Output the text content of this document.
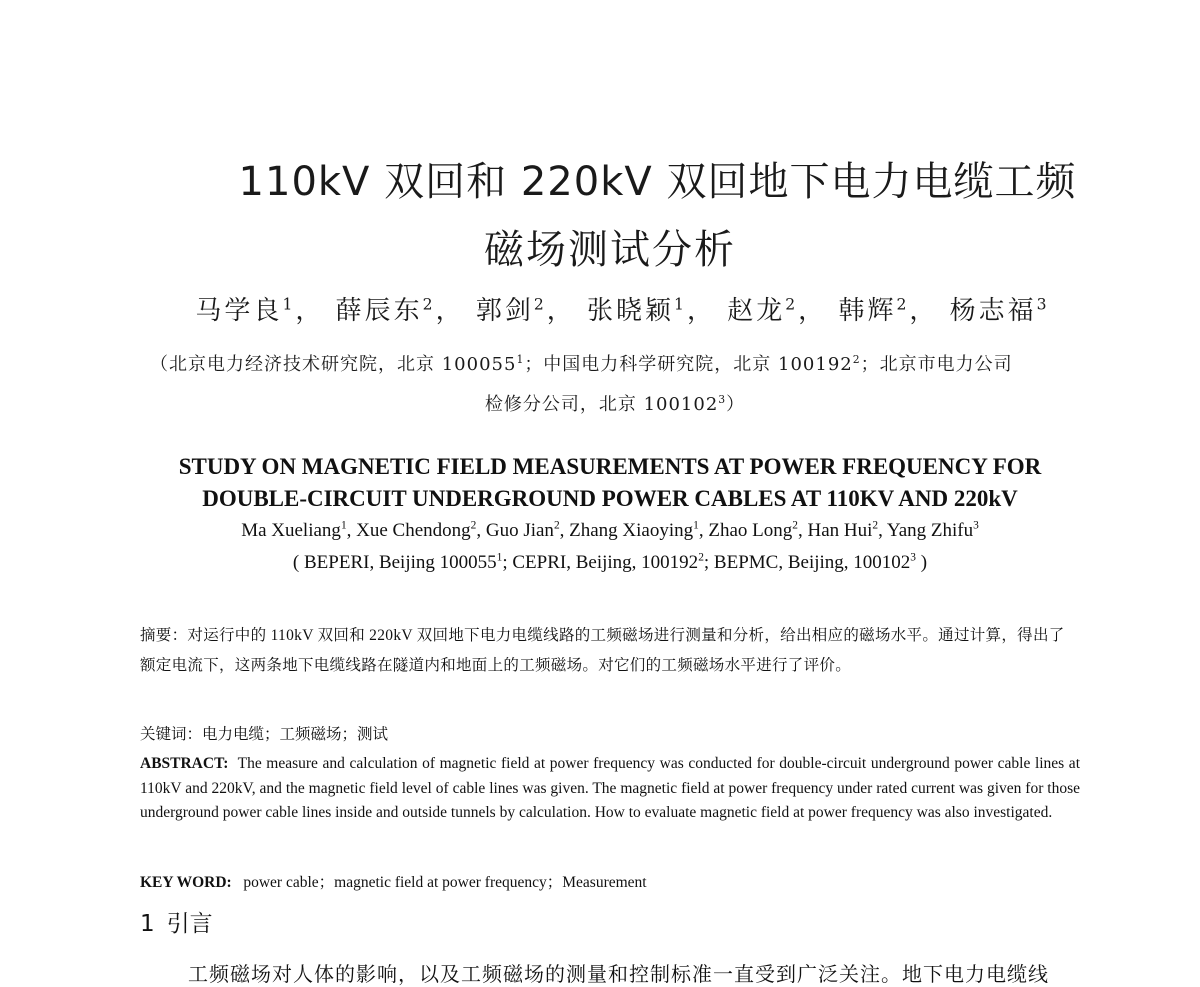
110kV 双回和 220kV 双回地下电力电缆工频
磁场测试分析
马学良$^1$， 薛辰东$^2$， 郭剑$^2$， 张晓颖$^1$， 赵龙$^2$， 韩辉$^2$， 杨志福$^3$
（北京电力经济技术研究院，北京 100055$^1$；中国电力科学研究院，北京 100192$^2$；北京市电力公司
检修分公司，北京 100102$^3$）
STUDY ON MAGNETIC FIELD MEASUREMENTS AT POWER FREQUENCY FOR
DOUBLE-CIRCUIT UNDERGROUND POWER CABLES AT 110KV AND 220kV
Ma Xueliang$^1$, Xue Chendong$^2$, Guo Jian$^2$, Zhang Xiaoying$^1$, Zhao Long$^2$, Han Hui$^2$, Yang Zhifu$^3$
( BEPERI, Beijing 100055$^1$; CEPRI, Beijing, 100192$^2$; BEPMC, Beijing, 100102$^3$ )
摘要：对运行中的 110kV 双回和 220kV 双回地下电力电缆线路的工频磁场进行测量和分析，给出相应的磁场水平。通过计算，得出了额定电流下，这两条地下电缆线路在隧道内和地面上的工频磁场。对它们的工频磁场水平进行了评价。
关键词：电力电缆；工频磁场；测试
ABSTRACT: The measure and calculation of magnetic field at power frequency was conducted for double-circuit underground power cable lines at 110kV and 220kV, and the magnetic field level of cable lines was given. The magnetic field at power frequency under rated current was given for those underground power cable lines inside and outside tunnels by calculation. How to evaluate magnetic field at power frequency was also investigated.
KEY WORD: power cable；magnetic field at power frequency；Measurement
1 引言
工频磁场对人体的影响，以及工频磁场的测量和控制标准一直受到广泛关注。地下电力电缆线
